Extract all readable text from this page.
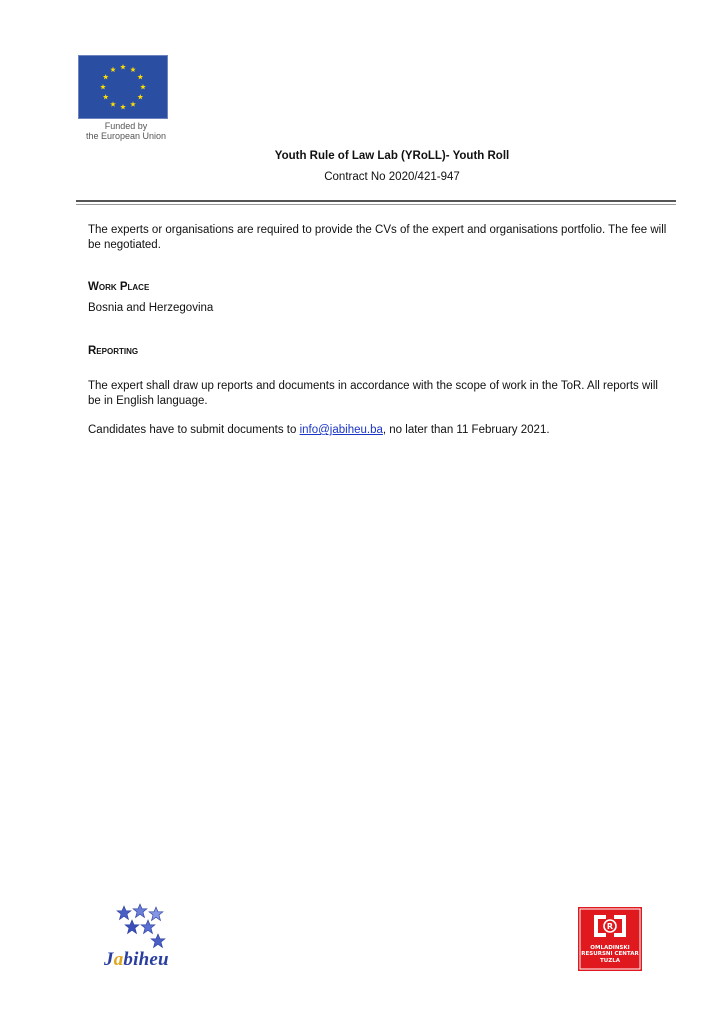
Funded by
the European Union
Youth Rule of Law Lab (YRoLL)- Youth Roll
Contract No 2020/421-947
The experts or organisations are required to provide the CVs of the expert and organisations portfolio. The fee will be negotiated.
Work Place
Bosnia and Herzegovina
Reporting
The expert shall draw up reports and documents in accordance with the scope of work in the ToR. All reports will be in English language.
Candidates have to submit documents to info@jabiheu.ba, no later than 11 February 2021.
Jabiheu
R
OMLADINSKI
RESURSNI CENTAR
TUZLA
